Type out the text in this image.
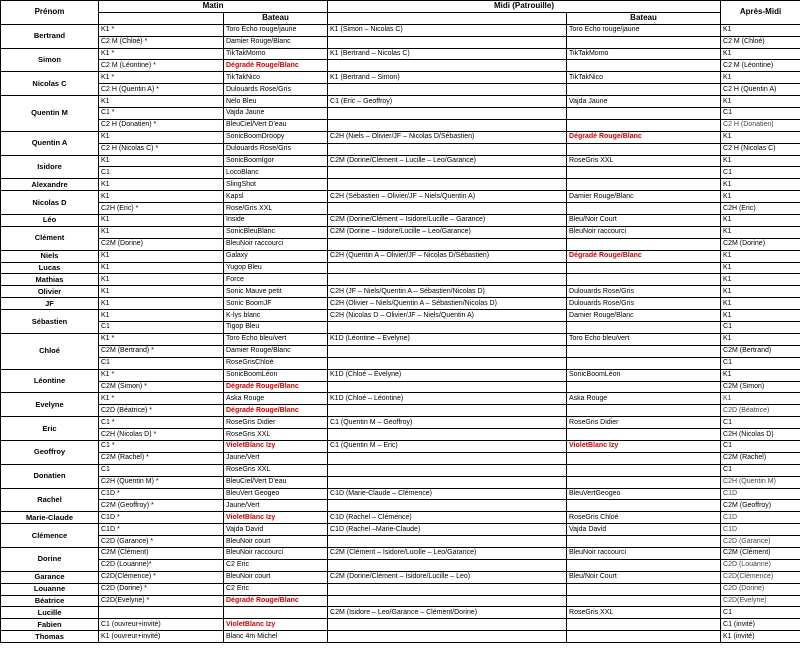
Prénom	Matin		Midi (Patrouille)		Après-Midi
		Bateau		Bateau	
Bertrand	K1 *	Toro Echo rouge/jaune	K1 (Simon – Nicolas C)	Toro Echo rouge/jaune	K1
	C2 M (Chloé) *	Damier Rouge/Blanc			C2 M (Chloé)
Simon	K1 *	TikTakMomo	K1 (Bertrand – Nicolas C)	TikTakMomo	K1
	C2 M (Léontine) *	Dégradé Rouge/Blanc			C2 M (Léontine)
Nicolas C	K1 *	TikTakNico	K1 (Bertrand – Simon)	TikTakNico	K1
	C2 H (Quentin A) *	Dulouards Rose/Gris			C2 H (Quentin A)
Quentin M	K1	Nelo Bleu	C1 (Eric – Geoffroy)	Vajda Jaune	K1
	C1 *	Vajda Jaune			C1
	C2 H (Donatien) *	BleuCiel/Vert D'eau			C2 H (Donatien)
Quentin A	K1	SonicBoomDroopy	C2H (Niels – Olivier/JF – Nicolas D/Sébastien)	Dégradé Rouge/Blanc	K1
	C2 H (Nicolas C) *	Dulouards Rose/Gris			C2 H (Nicolas C)
Isidore	K1	SonicBoomIgor	C2M (Dorine/Clément – Lucille – Leo/Garance)	RoseGris XXL	K1
	C1	LocoBlanc			C1
Alexandre	K1	SlingShot			K1
Nicolas D	K1	Kapsl	C2H (Sébastien – Olivier/JF – Niels/Quentin A)	Damier Rouge/Blanc	K1
	C2H (Eric) *	Rose/Gris XXL			C2H (Eric)
Léo	K1	Inside	C2M (Dorine/Clément – Isidore/Lucille – Garance)	Bleu/Noir Court	K1
Clément	K1	SonicBleuBlanc	C2M (Dorine – Isidore/Lucille – Leo/Garance)	BleuNoir raccourci	K1
	C2M (Dorine)	BleuNoir raccourci			C2M (Dorine)
Niels	K1	Galaxy	C2H (Quentin A – Olivier/JF – Nicolas D/Sébastien)	Dégradé Rouge/Blanc	K1
Lucas	K1	Yugop Bleu			K1
Mathias	K1	Force			K1
Olivier	K1	Sonic Mauve petit	C2H (JF – Niels/Quentin A – Sébastien/Nicolas D)	Dulouards Rose/Gris	K1
JF	K1	Sonic BoomJF	C2H (Olivier – Niels/Quentin A – Sébastien/Nicolas D)	Dulouards Rose/Gris	K1
Sébastien	K1	K-lys blanc	C2H (Nicolas D – Olivier/JF – Niels/Quentin A)	Damier Rouge/Blanc	K1
	C1	Tigop Bleu			C1
Chloé	K1 *	Toro Echo bleu/vert	K1D (Léontine – Evelyne)	Toro Echo bleu/vert	K1
	C2M (Bertrand) *	Damier Rouge/Blanc			C2M (Bertrand)
	C1	RoseGrisChloé			C1
Léontine	K1 *	SonicBoomLéon	K1D (Chloé – Evelyne)	SonicBoomLéon	K1
	C2M (Simon) *	Dégradé Rouge/Blanc			C2M (Simon)
Evelyne	K1 *	Aska Rouge	K1D (Chloé – Léontine)	Aska Rouge	K1
	C2D (Béatrice) *	Dégradé Rouge/Blanc			C2D (Béatrice)
Eric	C1 *	RoseGris Didier	C1 (Quentin M – Geoffroy)	RoseGris Didier	C1
	C2H (Nicolas D) *	RoseGris XXL			C2H (Nicolas D)
Geoffroy	C1 *	VioletBlanc Izy	C1 (Quentin M – Eric)	VioletBlanc Izy	C1
	C2M (Rachel) *	Jaune/Vert			C2M (Rachel)
Donatien	C1	RoseGris XXL			C1
	C2H (Quentin M) *	BleuCiel/Vert D'eau			C2H (Quentin M)
Rachel	C1D *	BleuVert Geogeo	C1D (Marie-Claude – Clémence)	BleuVertGeogeo	C1D
	C2M (Geoffroy) *	Jaune/Vert			C2M (Geoffroy)
Marie-Claude	C1D *	VioletBlanc Izy	C1D (Rachel – Clémence)	RoseGris Chloé	C1D
Clémence	C1D *	Vajda David	C1D (Rachel –Marie-Claude)	Vajda David	C1D
	C2D (Garance) *	BleuNoir court			C2D (Garance)
Dorine	C2M (Clément)	BleuNoir raccourci	C2M (Clément – Isidore/Lucille – Leo/Garance)	BleuNoir raccourci	C2M (Clément)
	C2D (Louanne)*	C2 Eric			C2D (Louanne)
Garance	C2D(Clémence) *	BleuNoir court	C2M (Dorine/Clément – Isidore/Lucille – Leo)	Bleu/Noir Court	C2D(Clémence)
Louanne	C2D (Dorine) *	C2 Eric			C2D (Dorine)
Béatrice	C2D(Evelyne) *	Dégradé Rouge/Blanc			C2D(Evelyne)
Lucille			C2M (Isidore – Leo/Garance – Clément/Dorine)	RoseGris XXL	C1
Fabien	C1 (ouvreur+invité)	VioletBlanc Izy			C1 (invité)
Thomas	K1 (ouvreur+invité)	Blanc 4m Michel			K1 (invité)
